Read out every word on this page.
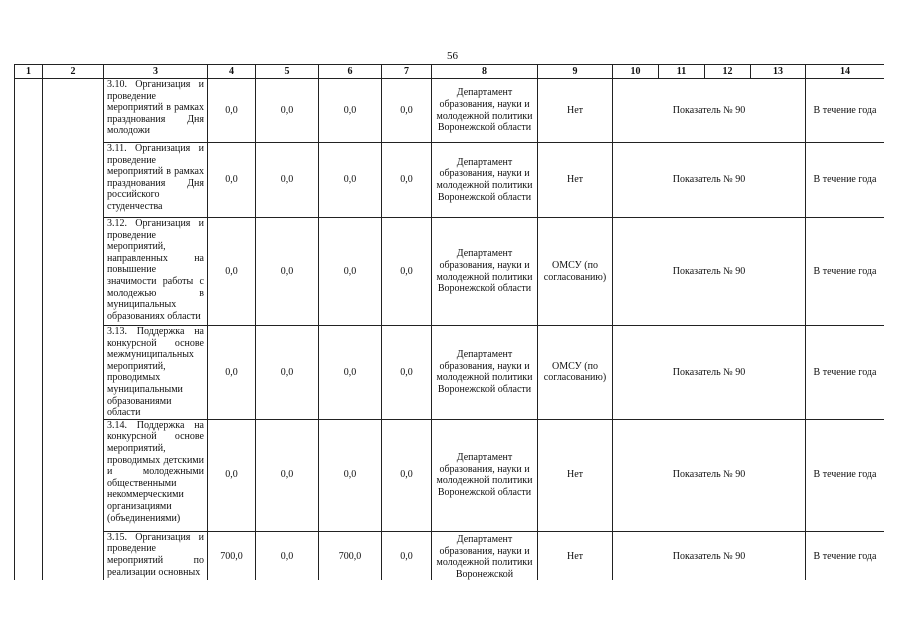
56
1	2	3	4	5	6	7	8	9	10	11	12	13	14
		3.10. Организация и проведение мероприятий в рамках празднования Дня молодожи	0,0	0,0	0,0	0,0	Департамент образования, науки и молодежной политики Воронежской области	Нет	Показатель № 90				В течение года
		3.11. Организация и проведение мероприятий в рамках празднования Дня российского студенчества	0,0	0,0	0,0	0,0	Департамент образования, науки и молодежной политики Воронежской области	Нет	Показатель № 90				В течение года
		3.12. Организация и проведение мероприятий, направленных на повышение значимости работы с молодежью в муниципальных образованиях области	0,0	0,0	0,0	0,0	Департамент образования, науки и молодежной политики Воронежской области	ОМСУ (по согласованию)	Показатель № 90				В течение года
		3.13. Поддержка на конкурсной основе межмуниципальных мероприятий, проводимых муниципальными образованиями области	0,0	0,0	0,0	0,0	Департамент образования, науки и молодежной политики Воронежской области	ОМСУ (по согласованию)	Показатель № 90				В течение года
		3.14. Поддержка на конкурсной основе мероприятий, проводимых детскими и молодежными общественными некоммерческими организациями (объединениями)	0,0	0,0	0,0	0,0	Департамент образования, науки и молодежной политики Воронежской области	Нет	Показатель № 90				В течение года
		3.15. Организация и проведение мероприятий по реализации основных	700,0	0,0	700,0	0,0	Департамент образования, науки и молодежной политики Воронежской	Нет	Показатель № 90				В течение года
